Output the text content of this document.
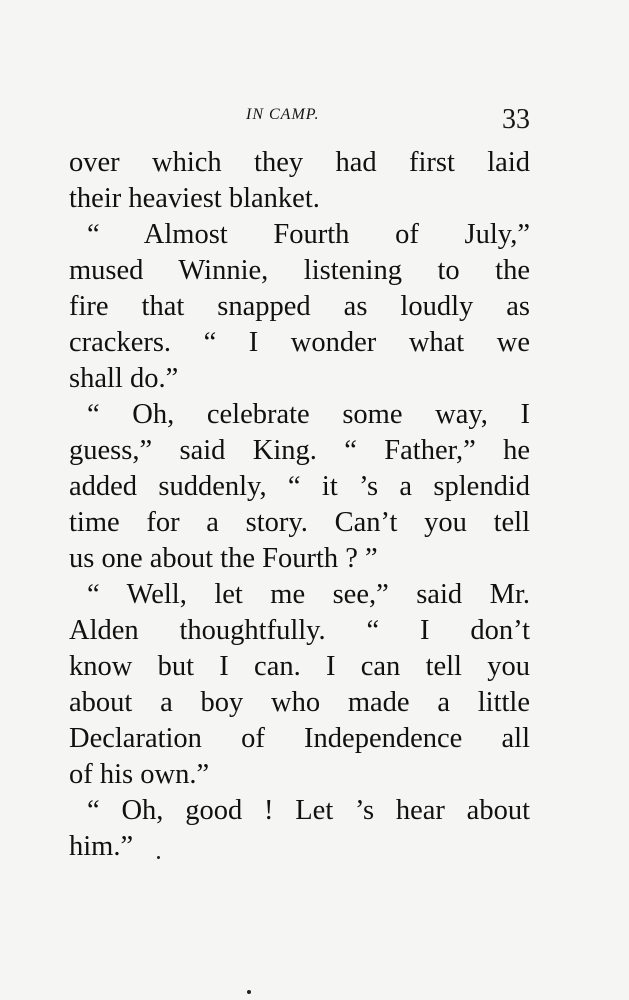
IN CAMP.	33
over which they had first laid
their heaviest blanket.
“ Almost Fourth of July,”
mused Winnie, listening to the
fire that snapped as loudly as
crackers. “ I wonder what we
shall do.”
“ Oh, celebrate some way, I
guess,” said King. “ Father,” he
added suddenly, “ it ’s a splendid
time for a story. Can’t you tell
us one about the Fourth ? ”
“ Well, let me see,” said Mr.
Alden thoughtfully. “ I don’t
know but I can. I can tell you
about a boy who made a little
Declaration of Independence all
of his own.”
“ Oh, good ! Let ’s hear about
him.”
